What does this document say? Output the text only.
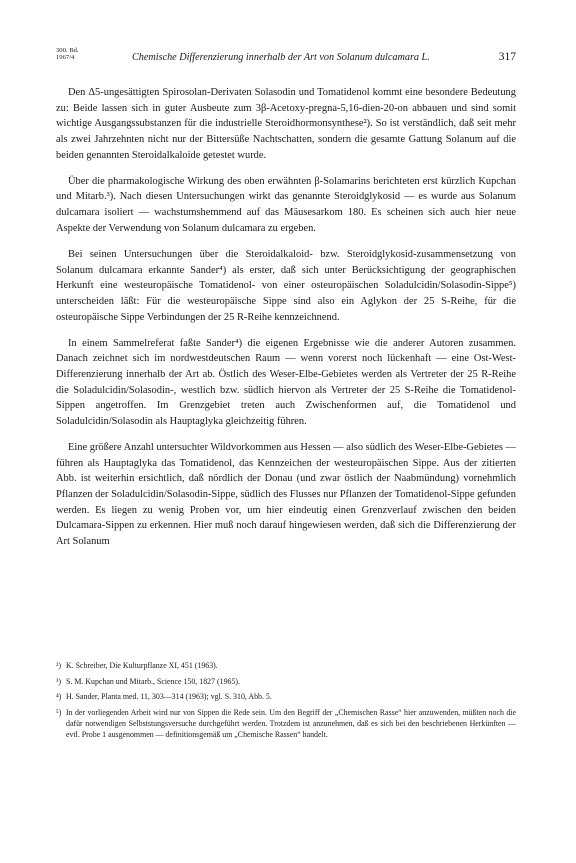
300. Bd.
1967/4	Chemische Differenzierung innerhalb der Art von Solanum dulcamara L.	317

Den Δ5-ungesättigten Spirosolan-Derivaten Solasodin und Tomatidenol kommt eine besondere Bedeutung zu: Beide lassen sich in guter Ausbeute zum 3β-Acetoxy-pregna-5,16-dien-20-on abbauen und sind somit wichtige Ausgangssubstanzen für die industrielle Steroidhormonsynthese²). So ist verständlich, daß seit mehr als zwei Jahrzehnten nicht nur der Bittersüße Nachtschatten, sondern die gesamte Gattung Solanum auf die beiden genannten Steroidalkaloide getestet wurde.

Über die pharmakologische Wirkung des oben erwähnten β-Solamarins berichteten erst kürzlich Kupchan und Mitarb.³). Nach diesen Untersuchungen wirkt das genannte Steroidglykosid — es wurde aus Solanum dulcamara isoliert — wachstumshemmend auf das Mäusesarkom 180. Es scheinen sich auch hier neue Aspekte der Verwendung von Solanum dulcamara zu ergeben.

Bei seinen Untersuchungen über die Steroidalkaloid- bzw. Steroidglykosid-zusammensetzung von Solanum dulcamara erkannte Sander⁴) als erster, daß sich unter Berücksichtigung der geographischen Herkunft eine westeuropäische Tomatidenol- von einer osteuropäischen Soladulcidin/Solasodin-Sippe⁵) unterscheiden läßt: Für die westeuropäische Sippe sind also ein Aglykon der 25 S-Reihe, für die osteuropäische Sippe Verbindungen der 25 R-Reihe kennzeichnend.

In einem Sammelreferat faßte Sander⁴) die eigenen Ergebnisse wie die anderer Autoren zusammen. Danach zeichnet sich im nordwestdeutschen Raum — wenn vorerst noch lückenhaft — eine Ost-West-Differenzierung innerhalb der Art ab. Östlich des Weser-Elbe-Gebietes werden als Vertreter der 25 R-Reihe die Soladulcidin/Solasodin-, westlich bzw. südlich hiervon als Vertreter der 25 S-Reihe die Tomatidenol-Sippen angetroffen. Im Grenzgebiet treten auch Zwischenformen auf, die Tomatidenol und Soladulcidin/Solasodin als Hauptaglyka gleichzeitig führen.

Eine größere Anzahl untersuchter Wildvorkommen aus Hessen — also südlich des Weser-Elbe-Gebietes — führen als Hauptaglyka das Tomatidenol, das Kennzeichen der westeuropäischen Sippe. Aus der zitierten Abb. ist weiterhin ersichtlich, daß nördlich der Donau (und zwar östlich der Naabmündung) vornehmlich Pflanzen der Soladulcidin/Solasodin-Sippe, südlich des Flusses nur Pflanzen der Tomatidenol-Sippe gefunden werden. Es liegen zu wenig Proben vor, um hier eindeutig einen Grenzverlauf zwischen den beiden Dulcamara-Sippen zu erkennen. Hier muß noch darauf hingewiesen werden, daß sich die Differenzierung der Art Solanum

²) K. Schreiber, Die Kulturpflanze XI, 451 (1963).

³) S. M. Kupchan und Mitarb., Science 150, 1827 (1965).

⁴) H. Sander, Planta med. 11, 303—314 (1963); vgl. S. 310, Abb. 5.

⁵) In der vorliegenden Arbeit wird nur von Sippen die Rede sein. Um den Begriff der „Chemischen Rasse“ hier anzuwenden, müßten noch die dafür notwendigen Selbststungsversuche durchgeführt werden. Trotzdem ist anzunehmen, daß es sich bei den beschriebenen Herkünften — evtl. Probe 1 ausgenommen — definitionsgemäß um „Chemische Rassen“ handelt.
